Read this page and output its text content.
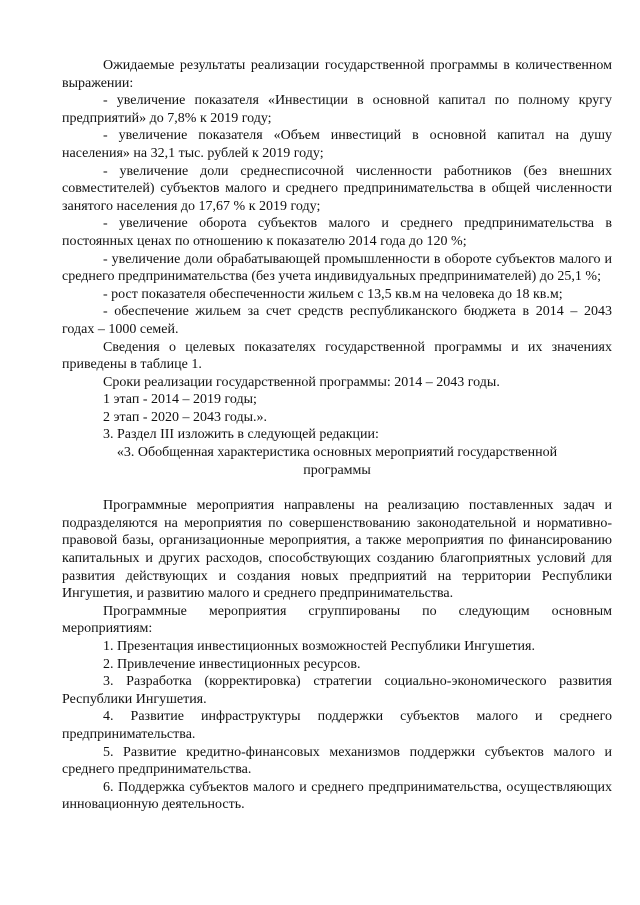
Ожидаемые результаты реализации государственной программы в количественном выражении:

- увеличение показателя «Инвестиции в основной капитал по полному кругу предприятий» до 7,8% к 2019 году;

- увеличение показателя «Объем инвестиций в основной капитал на душу населения» на 32,1 тыс. рублей к 2019 году;

- увеличение доли среднесписочной численности работников (без внешних совместителей) субъектов малого и среднего предпринимательства в общей численности занятого населения до 17,67 % к 2019 году;

- увеличение оборота субъектов малого и среднего предпринимательства в постоянных ценах по отношению к показателю 2014 года до 120 %;

- увеличение доли обрабатывающей промышленности в обороте субъектов малого и среднего предпринимательства (без учета индивидуальных предпринимателей) до 25,1 %;

- рост показателя обеспеченности жильем с 13,5 кв.м на человека до 18 кв.м;

- обеспечение жильем за счет средств республиканского бюджета в 2014 – 2043 годах – 1000 семей.

Сведения о целевых показателях государственной программы и их значениях приведены в таблице 1.

Сроки реализации государственной программы: 2014 – 2043 годы.

1 этап - 2014 – 2019 годы;

2 этап - 2020 – 2043 годы.».

3. Раздел III изложить в следующей редакции:

«3. Обобщенная характеристика основных мероприятий государственной

программы

Программные мероприятия направлены на реализацию поставленных задач и подразделяются на мероприятия по совершенствованию законодательной и нормативно-правовой базы, организационные мероприятия, а также мероприятия по финансированию капитальных и других расходов, способствующих созданию благоприятных условий для развития действующих и создания новых предприятий на территории Республики Ингушетия, и развитию малого и среднего предпринимательства.

Программные мероприятия сгруппированы по следующим основным мероприятиям:

1. Презентация инвестиционных возможностей Республики Ингушетия.

2. Привлечение инвестиционных ресурсов.

3. Разработка (корректировка) стратегии социально-экономического развития Республики Ингушетия.

4. Развитие инфраструктуры поддержки субъектов малого и среднего предпринимательства.

5. Развитие кредитно-финансовых механизмов поддержки субъектов малого и среднего предпринимательства.

6. Поддержка субъектов малого и среднего предпринимательства, осуществляющих инновационную деятельность.
